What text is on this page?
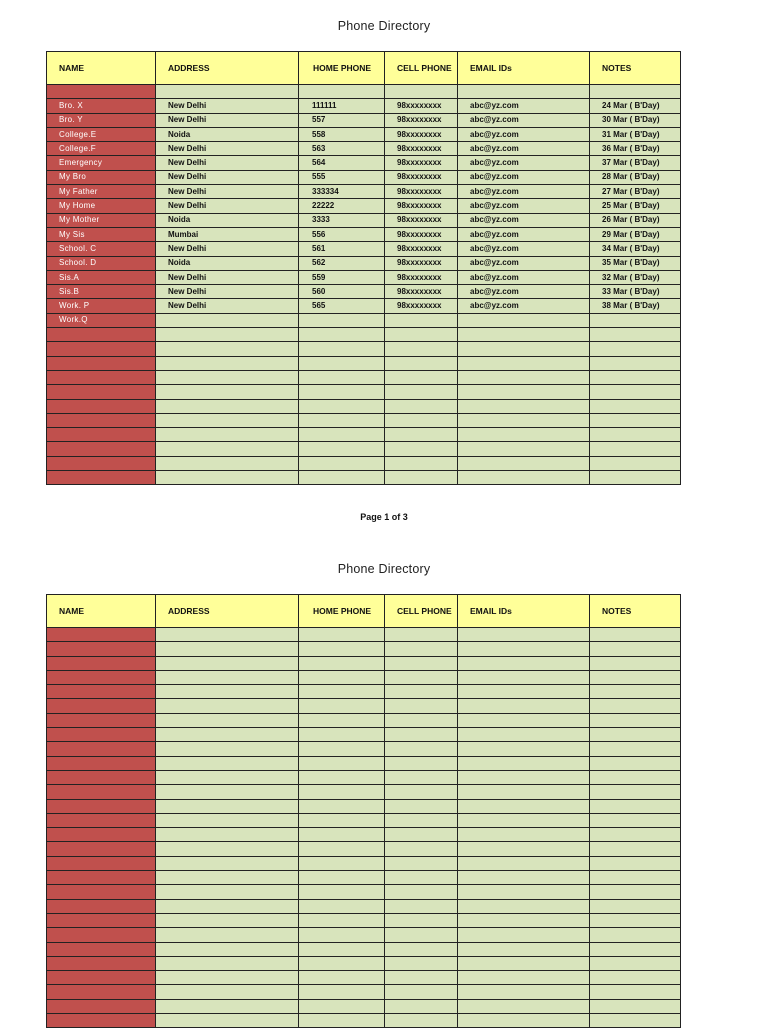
Phone Directory
NAME	ADDRESS	HOME PHONE	CELL PHONE	EMAIL IDs	NOTES

Bro. X	New Delhi	111111	98xxxxxxxx	abc@yz.com	24 Mar ( B'Day)
Bro. Y	New Delhi	557	98xxxxxxxx	abc@yz.com	30 Mar ( B'Day)
College.E	Noida	558	98xxxxxxxx	abc@yz.com	31 Mar ( B'Day)
College.F	New Delhi	563	98xxxxxxxx	abc@yz.com	36 Mar ( B'Day)
Emergency	New Delhi	564	98xxxxxxxx	abc@yz.com	37 Mar ( B'Day)
My Bro	New Delhi	555	98xxxxxxxx	abc@yz.com	28 Mar ( B'Day)
My Father	New Delhi	333334	98xxxxxxxx	abc@yz.com	27 Mar ( B'Day)
My Home	New Delhi	22222	98xxxxxxxx	abc@yz.com	25 Mar ( B'Day)
My Mother	Noida	3333	98xxxxxxxx	abc@yz.com	26 Mar ( B'Day)
My Sis	Mumbai	556	98xxxxxxxx	abc@yz.com	29 Mar ( B'Day)
School. C	New Delhi	561	98xxxxxxxx	abc@yz.com	34 Mar ( B'Day)
School. D	Noida	562	98xxxxxxxx	abc@yz.com	35 Mar ( B'Day)
Sis.A	New Delhi	559	98xxxxxxxx	abc@yz.com	32 Mar ( B'Day)
Sis.B	New Delhi	560	98xxxxxxxx	abc@yz.com	33 Mar ( B'Day)
Work. P	New Delhi	565	98xxxxxxxx	abc@yz.com	38 Mar ( B'Day)
Work.Q					

Page 1 of 3
Phone Directory
NAME	ADDRESS	HOME PHONE	CELL PHONE	EMAIL IDs	NOTES
